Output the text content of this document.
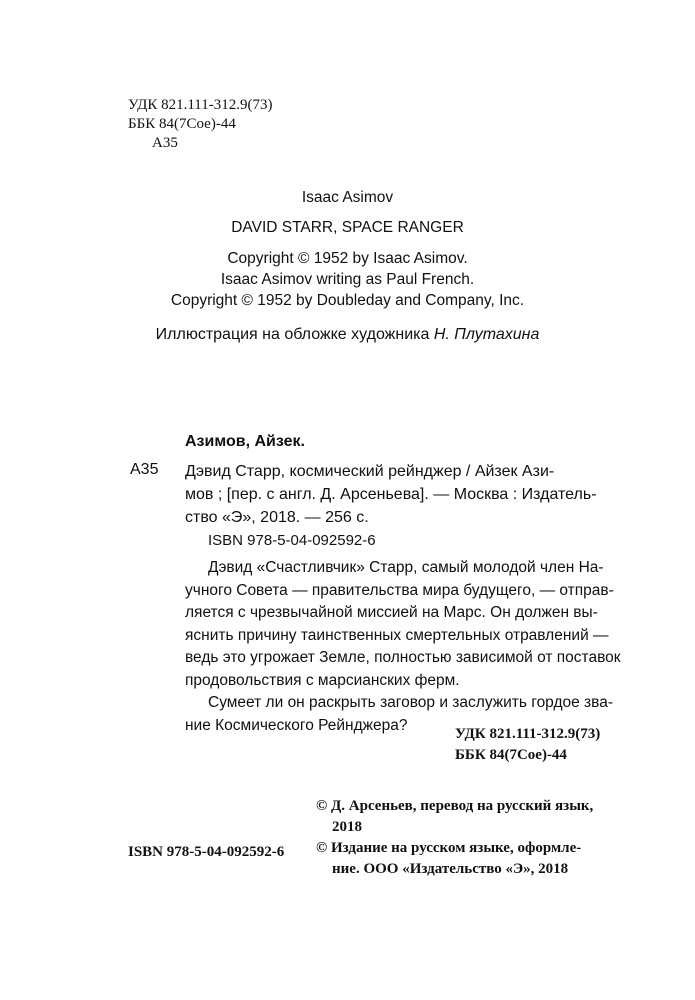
УДК 821.111-312.9(73)
ББК 84(7Сое)-44
А35
Isaac Asimov
DAVID STARR, SPACE RANGER
Copyright © 1952 by Isaac Asimov.
Isaac Asimov writing as Paul French.
Copyright © 1952 by Doubleday and Company, Inc.
Иллюстрация на обложке художника Н. Плутахина
Азимов, Айзек.
А35 Дэвид Старр, космический рейнджер / Айзек Ази-
мов ; [пер. с англ. Д. Арсеньева]. — Москва : Издатель-
ство «Э», 2018. — 256 с.
ISBN 978-5-04-092592-6
Дэвид «Счастливчик» Старр, самый молодой член На-
учного Совета — правительства мира будущего, — отправ-
ляется с чрезвычайной миссией на Марс. Он должен вы-
яснить причину таинственных смертельных отравлений —
ведь это угрожает Земле, полностью зависимой от поставок
продовольствия с марсианских ферм.
Сумеет ли он раскрыть заговор и заслужить гордое зва-
ние Космического Рейнджера?
УДК 821.111-312.9(73)
ББК 84(7Сое)-44
© Д. Арсеньев, перевод на русский язык,
2018
© Издание на русском языке, оформле-
ние. ООО «Издательство «Э», 2018
ISBN 978-5-04-092592-6
